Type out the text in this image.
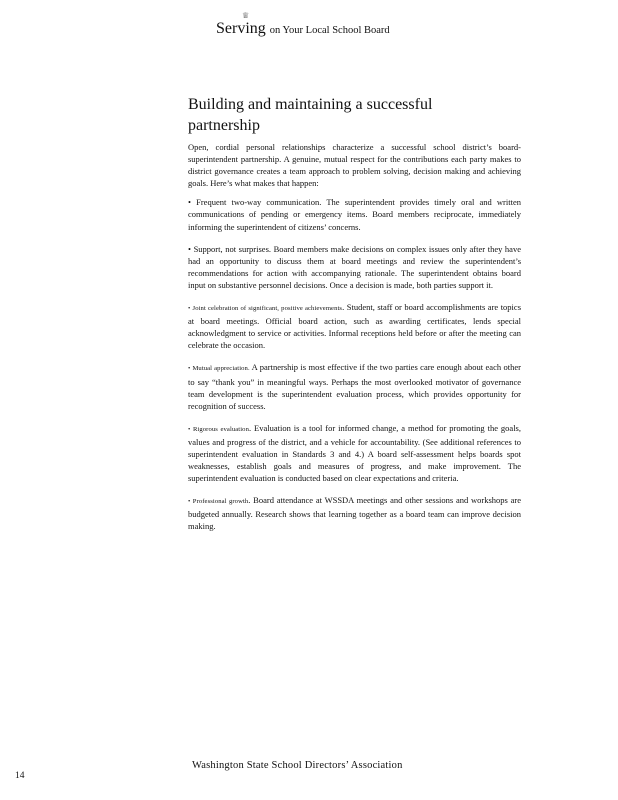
♕
Serving on Your Local School Board
Building and maintaining a successful partnership

Open, cordial personal relationships characterize a successful school district’s board-superintendent partnership. A genuine, mutual respect for the contributions each party makes to district governance creates a team approach to problem solving, decision making and achieving goals. Here’s what makes that happen:

• Frequent two-way communication. The superintendent provides timely oral and written communications of pending or emergency items. Board members reciprocate, immediately informing the superintendent of citizens’ concerns.

• Support, not surprises. Board members make decisions on complex issues only after they have had an opportunity to discuss them at board meetings and review the superintendent’s recommendations for action with accompanying rationale. The superintendent obtains board input on substantive personnel decisions. Once a decision is made, both parties support it.

• Joint celebration of significant, positive achievements. Student, staff or board accomplishments are topics at board meetings. Official board action, such as awarding certificates, lends special acknowledgment to service or activities. Informal receptions held before or after the meeting can celebrate the occasion.

• Mutual appreciation. A partnership is most effective if the two parties care enough about each other to say “thank you” in meaningful ways. Perhaps the most overlooked motivator of governance team development is the superintendent evaluation process, which provides opportunity for recognition of success.

• Rigorous evaluation. Evaluation is a tool for informed change, a method for promoting the goals, values and progress of the district, and a vehicle for accountability. (See additional references to superintendent evaluation in Standards 3 and 4.) A board self-assessment helps boards spot weaknesses, establish goals and measures of progress, and make improvement. The superintendent evaluation is conducted based on clear expectations and criteria.

• Professional growth. Board attendance at WSSDA meetings and other sessions and workshops are budgeted annually. Research shows that learning together as a board team can improve decision making.

Washington State School Directors’ Association
14
